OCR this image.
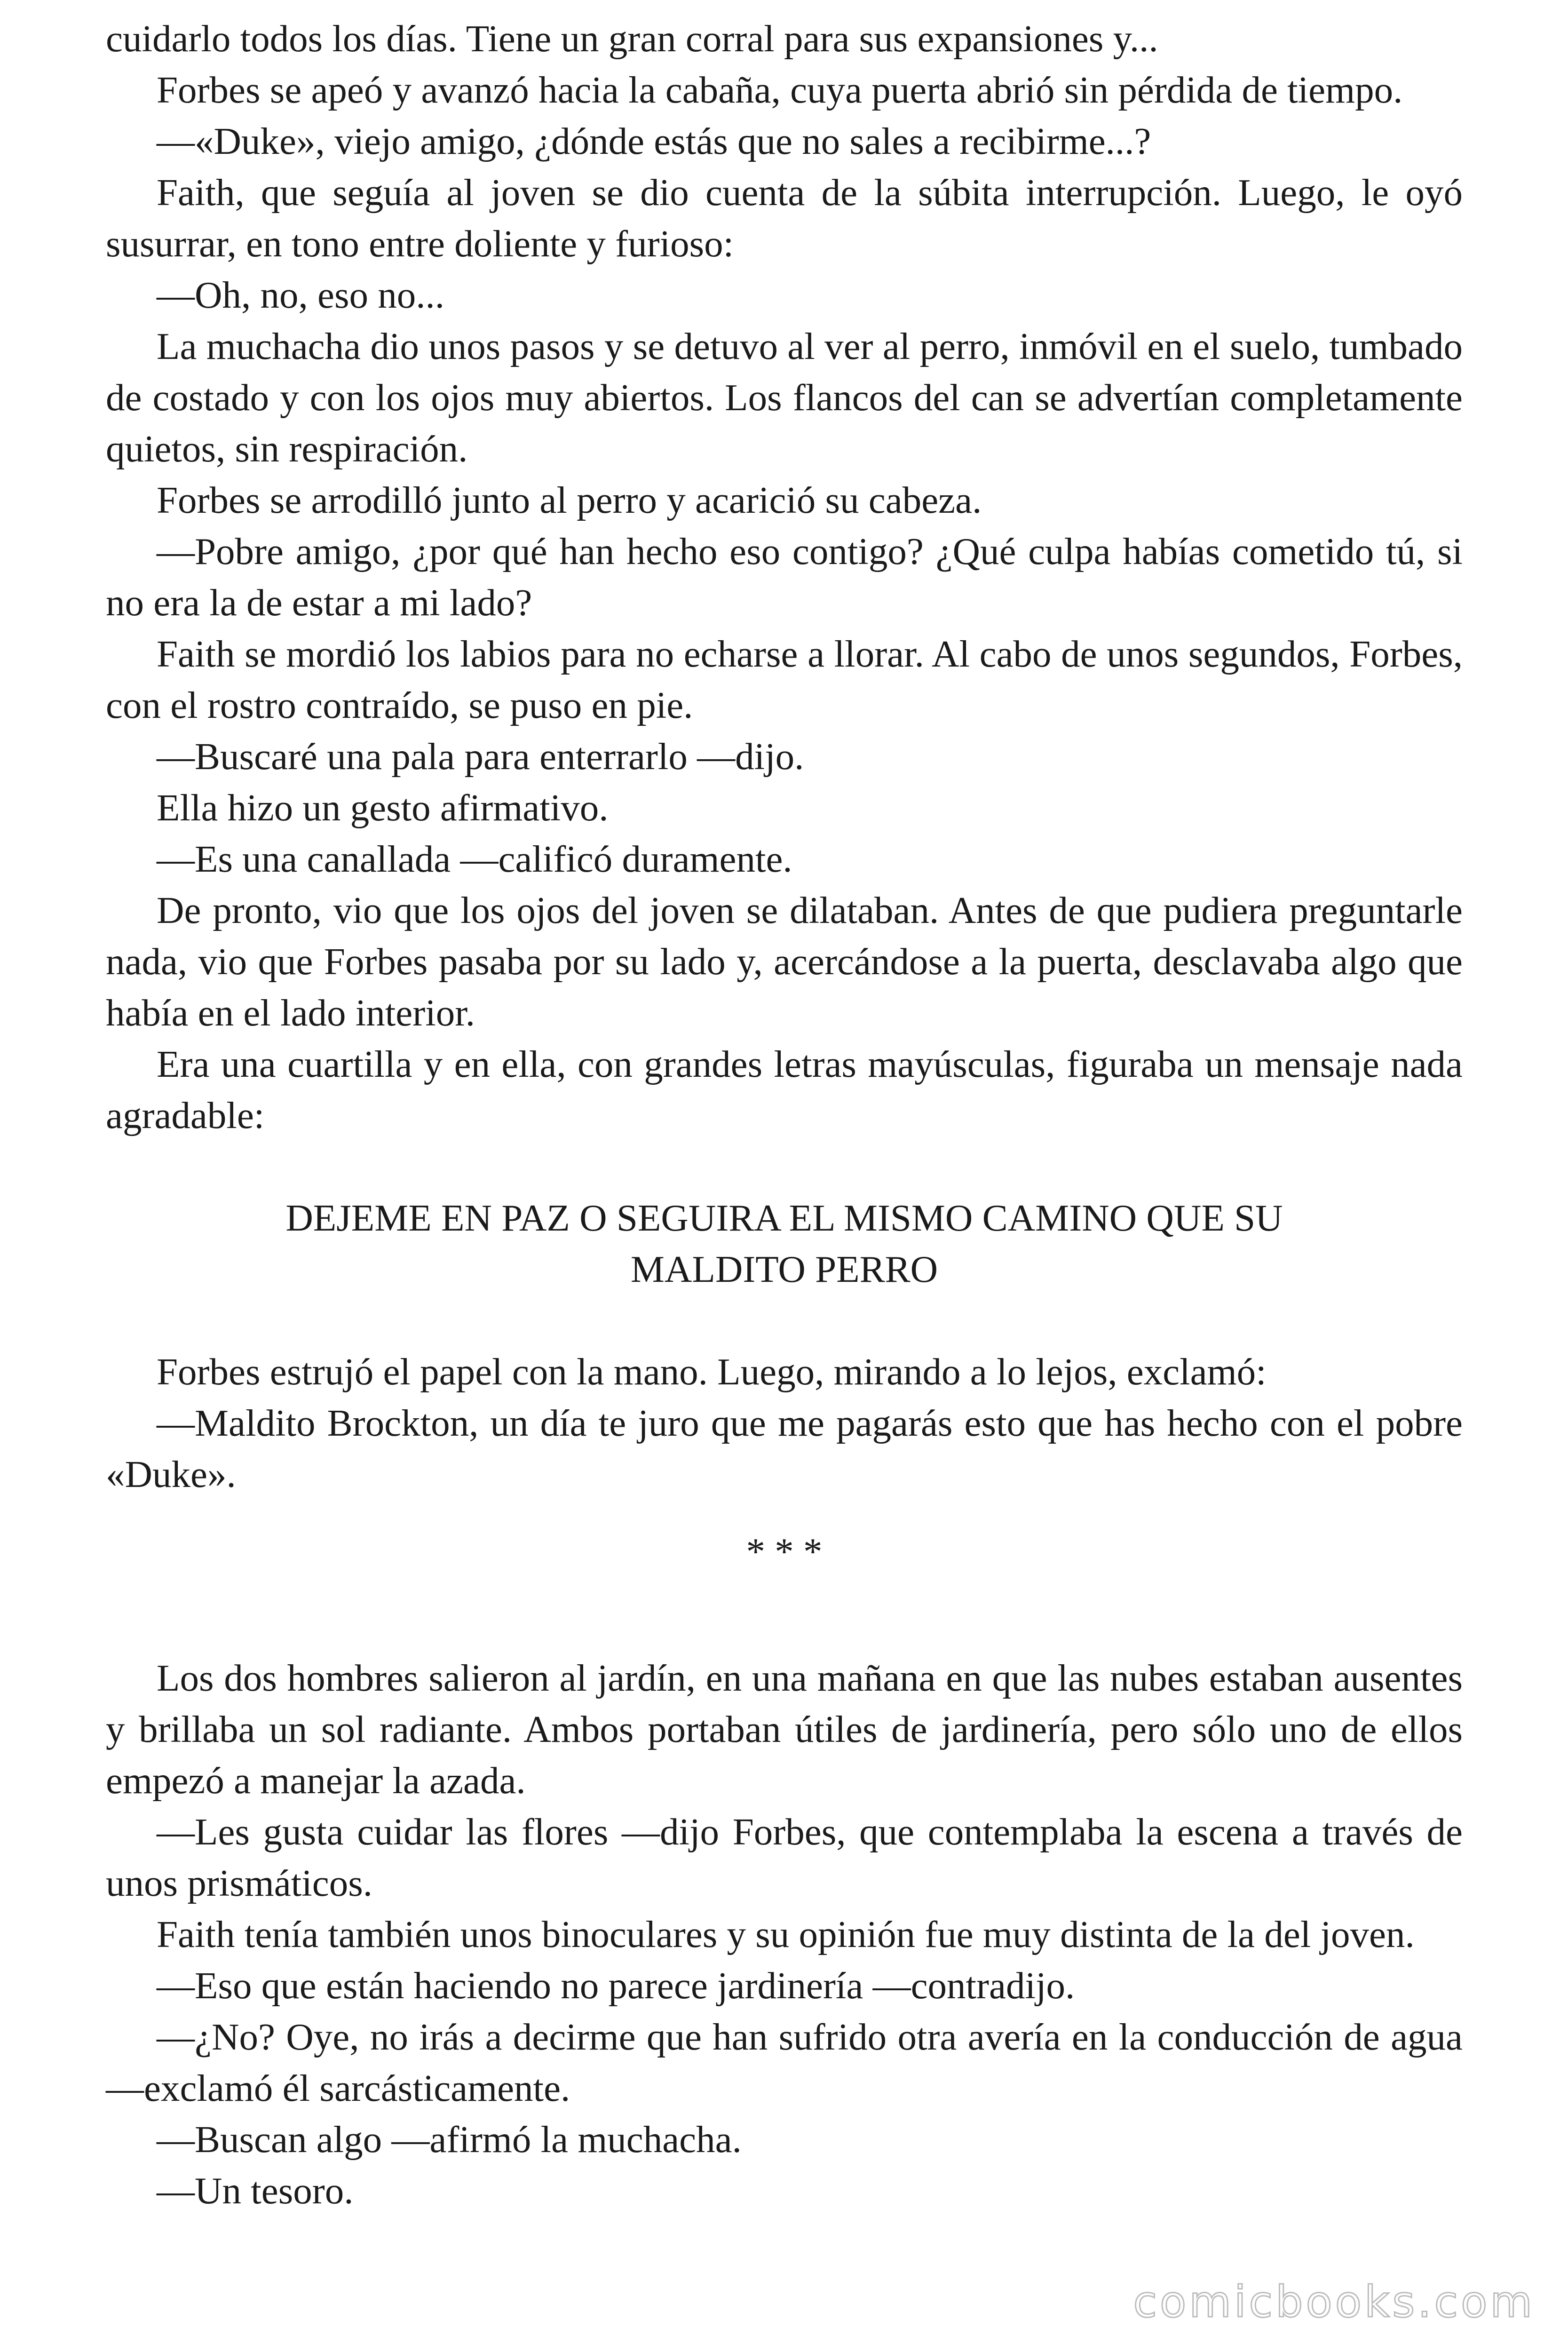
cuidarlo todos los días. Tiene un gran corral para sus expansiones y...

Forbes se apeó y avanzó hacia la cabaña, cuya puerta abrió sin pérdida de tiempo.

—«Duke», viejo amigo, ¿dónde estás que no sales a recibirme...?

Faith, que seguía al joven se dio cuenta de la súbita interrupción. Luego, le oyó susurrar, en tono entre doliente y furioso:

—Oh, no, eso no...

La muchacha dio unos pasos y se detuvo al ver al perro, inmóvil en el suelo, tumbado de costado y con los ojos muy abiertos. Los flancos del can se advertían completamente quietos, sin respiración.

Forbes se arrodilló junto al perro y acarició su cabeza.

—Pobre amigo, ¿por qué han hecho eso contigo? ¿Qué culpa habías cometido tú, si no era la de estar a mi lado?

Faith se mordió los labios para no echarse a llorar. Al cabo de unos segundos, Forbes, con el rostro contraído, se puso en pie.

—Buscaré una pala para enterrarlo —dijo.

Ella hizo un gesto afirmativo.

—Es una canallada —calificó duramente.

De pronto, vio que los ojos del joven se dilataban. Antes de que pudiera preguntarle nada, vio que Forbes pasaba por su lado y, acercándose a la puerta, desclavaba algo que había en el lado interior.

Era una cuartilla y en ella, con grandes letras mayúsculas, figuraba un mensaje nada agradable:

DEJEME EN PAZ O SEGUIRA EL MISMO CAMINO QUE SU
MALDITO PERRO

Forbes estrujó el papel con la mano. Luego, mirando a lo lejos, exclamó:

—Maldito Brockton, un día te juro que me pagarás esto que has hecho con el pobre «Duke».

* * *

Los dos hombres salieron al jardín, en una mañana en que las nubes estaban ausentes y brillaba un sol radiante. Ambos portaban útiles de jardinería, pero sólo uno de ellos empezó a manejar la azada.

—Les gusta cuidar las flores —dijo Forbes, que contemplaba la escena a través de unos prismáticos.

Faith tenía también unos binoculares y su opinión fue muy distinta de la del joven.

—Eso que están haciendo no parece jardinería —contradijo.

—¿No? Oye, no irás a decirme que han sufrido otra avería en la conducción de agua —exclamó él sarcásticamente.

—Buscan algo —afirmó la muchacha.

—Un tesoro.

comicbooks.com
